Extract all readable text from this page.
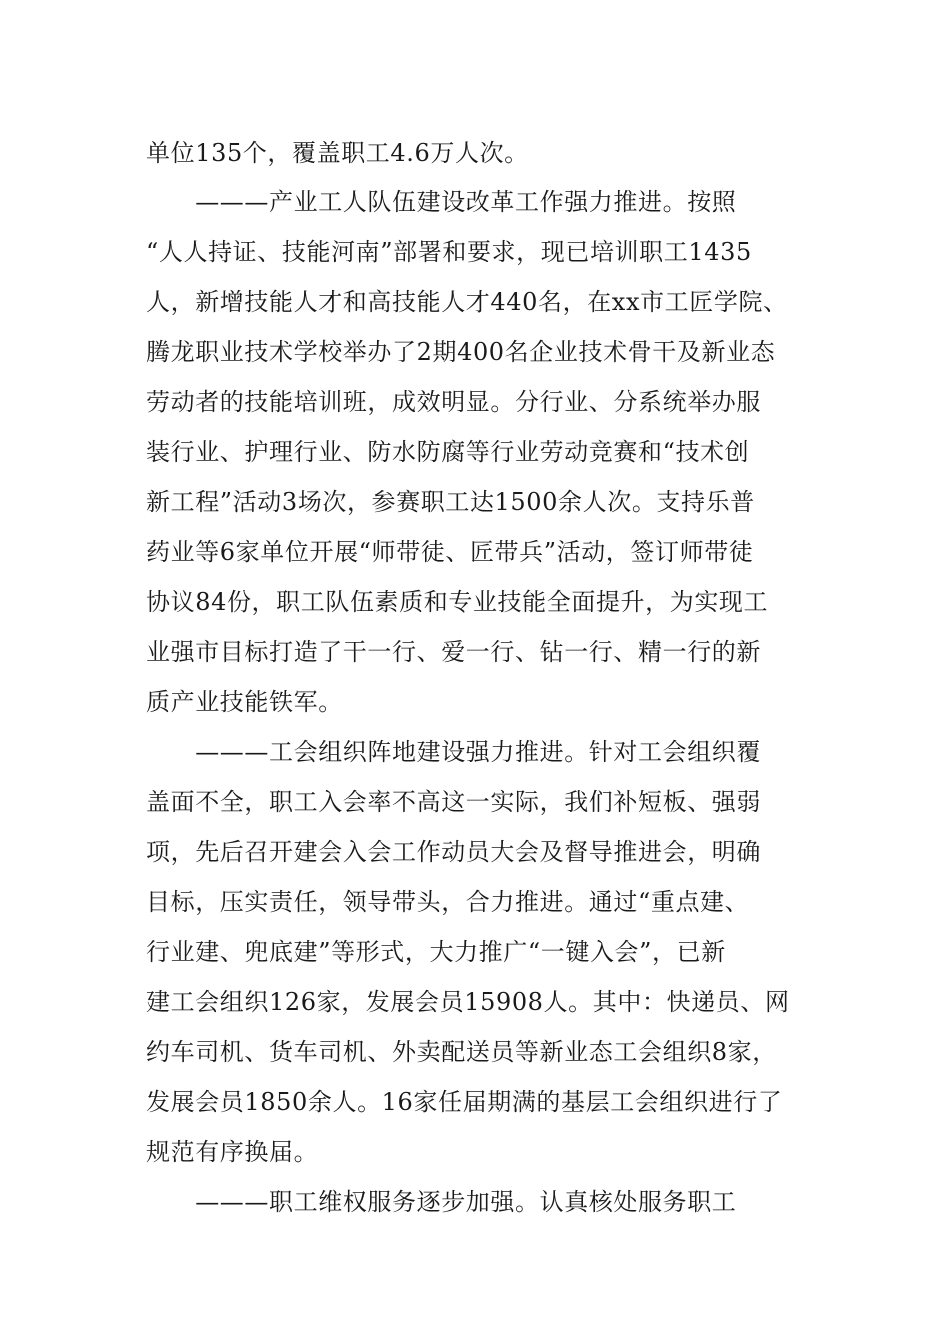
单位135个，覆盖职工4.6万人次。
　　———产业工人队伍建设改革工作强力推进。按照
“人人持证、技能河南”部署和要求，现已培训职工1435
人，新增技能人才和高技能人才440名，在xx市工匠学院、
腾龙职业技术学校举办了2期400名企业技术骨干及新业态
劳动者的技能培训班，成效明显。分行业、分系统举办服
装行业、护理行业、防水防腐等行业劳动竞赛和“技术创
新工程”活动3场次，参赛职工达1500余人次。支持乐普
药业等6家单位开展“师带徒、匠带兵”活动，签订师带徒
协议84份，职工队伍素质和专业技能全面提升，为实现工
业强市目标打造了干一行、爱一行、钻一行、精一行的新
质产业技能铁军。
　　———工会组织阵地建设强力推进。针对工会组织覆
盖面不全，职工入会率不高这一实际，我们补短板、强弱
项，先后召开建会入会工作动员大会及督导推进会，明确
目标，压实责任，领导带头，合力推进。通过“重点建、
行业建、兜底建”等形式，大力推广“一键入会”，已新
建工会组织126家，发展会员15908人。其中：快递员、网
约车司机、货车司机、外卖配送员等新业态工会组织8家，
发展会员1850余人。16家任届期满的基层工会组织进行了
规范有序换届。
　　———职工维权服务逐步加强。认真核处服务职工
